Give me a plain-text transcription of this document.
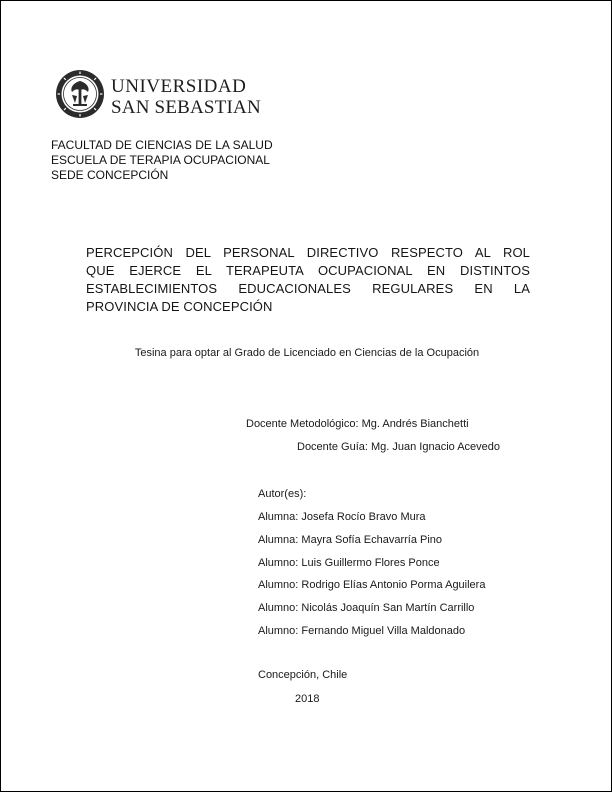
UNIVERSIDAD
SAN SEBASTIAN
FACULTAD DE CIENCIAS DE LA SALUD
ESCUELA DE TERAPIA OCUPACIONAL
SEDE CONCEPCIÓN
PERCEPCIÓN DEL PERSONAL DIRECTIVO RESPECTO AL ROL
QUE EJERCE EL TERAPEUTA OCUPACIONAL EN DISTINTOS
ESTABLECIMIENTOS EDUCACIONALES REGULARES EN LA
PROVINCIA DE CONCEPCIÓN
Tesina para optar al Grado de Licenciado en Ciencias de la Ocupación
Docente Metodológico: Mg. Andrés Bianchetti
Docente Guía: Mg. Juan Ignacio Acevedo
Autor(es):
Alumna: Josefa Rocío Bravo Mura
Alumna: Mayra Sofía Echavarría Pino
Alumno: Luis Guillermo Flores Ponce
Alumno: Rodrigo Elías Antonio Porma Aguilera
Alumno: Nicolás Joaquín San Martín Carrillo
Alumno: Fernando Miguel Villa Maldonado
Concepción, Chile
2018
